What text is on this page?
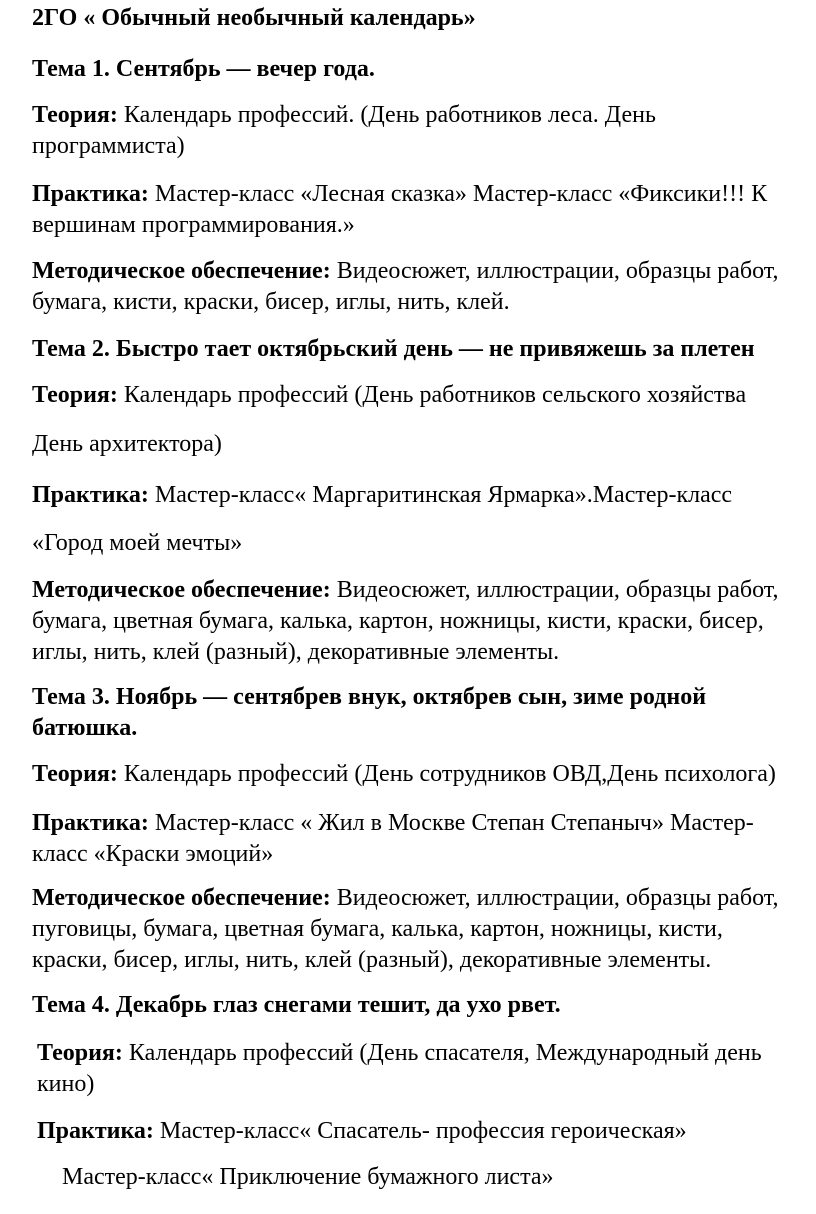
2ГО « Обычный необычный календарь»

Тема 1. Сентябрь — вечер года.

Теория: Календарь профессий. (День работников леса. День программиста)

Практика: Мастер-класс «Лесная сказка» Мастер-класс «Фиксики!!! К вершинам программирования.»

Методическое обеспечение: Видеосюжет, иллюстрации, образцы работ, бумага, кисти, краски, бисер, иглы, нить, клей.

Тема 2. Быстро тает октябрьский день — не привяжешь за плетен

Теория: Календарь профессий (День работников сельского хозяйства

День архитектора)

Практика: Мастер-класс« Маргаритинская Ярмарка».Мастер-класс

«Город моей мечты»

Методическое обеспечение: Видеосюжет, иллюстрации, образцы работ, бумага, цветная бумага, калька, картон, ножницы, кисти, краски, бисер, иглы, нить, клей (разный), декоративные элементы.

Тема 3. Ноябрь — сентябрев внук, октябрев сын, зиме родной батюшка.

Теория: Календарь профессий (День сотрудников ОВД,День психолога)

Практика: Мастер-класс « Жил в Москве Степан Степаныч» Мастер-класс «Краски эмоций»

Методическое обеспечение: Видеосюжет, иллюстрации, образцы работ, пуговицы, бумага, цветная бумага, калька, картон, ножницы, кисти, краски, бисер, иглы, нить, клей (разный), декоративные элементы.

Тема 4. Декабрь глаз снегами тешит, да ухо рвет.

Теория: Календарь профессий (День спасателя, Международный день кино)

Практика: Мастер-класс« Спасатель- профессия героическая»

Мастер-класс« Приключение бумажного листа»
